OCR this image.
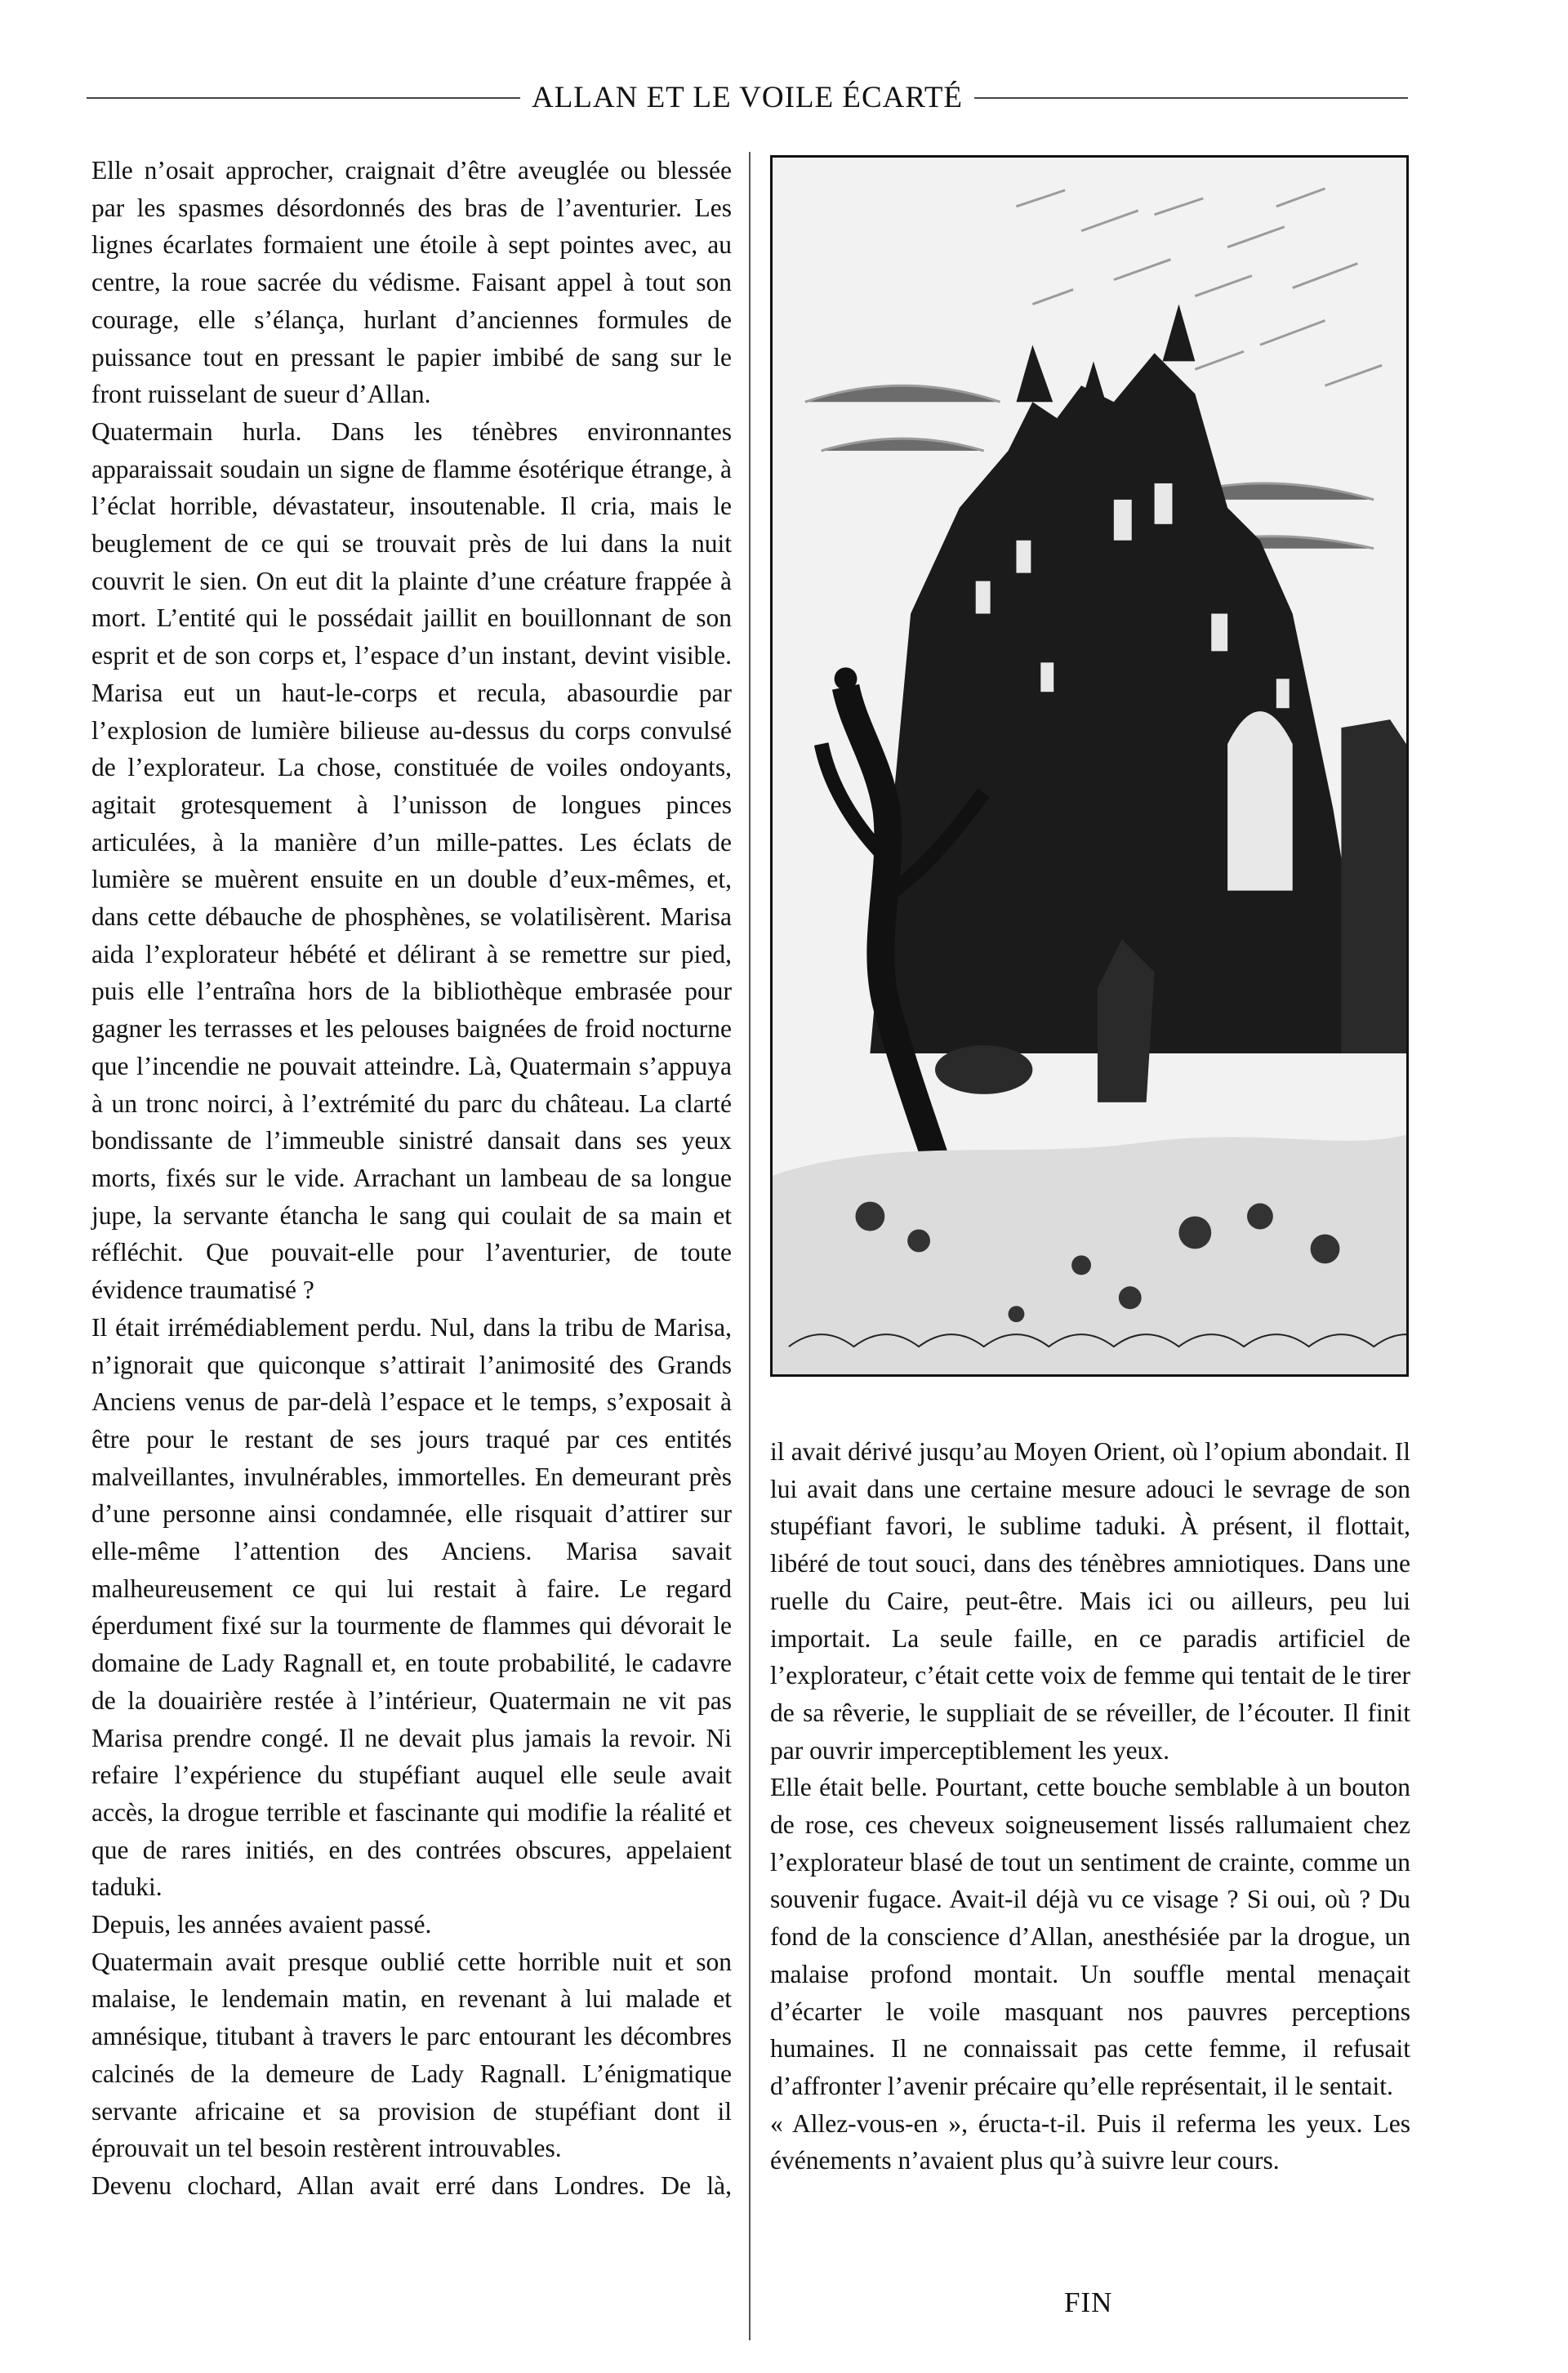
ALLAN ET LE VOILE ÉCARTÉ

Elle n’osait approcher, craignait d’être aveuglée ou blessée par les spasmes désordonnés des bras de l’aventurier. Les lignes écarlates formaient une étoile à sept pointes avec, au centre, la roue sacrée du védisme. Faisant appel à tout son courage, elle s’élança, hurlant d’anciennes formules de puissance tout en pressant le papier imbibé de sang sur le front ruisselant de sueur d’Allan.

Quatermain hurla. Dans les ténèbres environnantes apparaissait soudain un signe de flamme ésotérique étrange, à l’éclat horrible, dévastateur, insoutenable. Il cria, mais le beuglement de ce qui se trouvait près de lui dans la nuit couvrit le sien. On eut dit la plainte d’une créature frappée à mort. L’entité qui le possédait jaillit en bouillonnant de son esprit et de son corps et, l’espace d’un instant, devint visible. Marisa eut un haut-le-corps et recula, abasourdie par l’explosion de lumière bilieuse au-dessus du corps convulsé de l’explorateur. La chose, constituée de voiles ondoyants, agitait grotesquement à l’unisson de longues pinces articulées, à la manière d’un mille-pattes. Les éclats de lumière se muèrent ensuite en un double d’eux-mêmes, et, dans cette débauche de phosphènes, se volatilisèrent. Marisa aida l’explorateur hébété et délirant à se remettre sur pied, puis elle l’entraîna hors de la bibliothèque embrasée pour gagner les terrasses et les pelouses baignées de froid nocturne que l’incendie ne pouvait atteindre. Là, Quatermain s’appuya à un tronc noirci, à l’extrémité du parc du château. La clarté bondissante de l’immeuble sinistré dansait dans ses yeux morts, fixés sur le vide. Arrachant un lambeau de sa longue jupe, la servante étancha le sang qui coulait de sa main et réfléchit. Que pouvait-elle pour l’aventurier, de toute évidence traumatisé ?

Il était irrémédiablement perdu. Nul, dans la tribu de Marisa, n’ignorait que quiconque s’attirait l’animosité des Grands Anciens venus de par-delà l’espace et le temps, s’exposait à être pour le restant de ses jours traqué par ces entités malveillantes, invulnérables, immortelles. En demeurant près d’une personne ainsi condamnée, elle risquait d’attirer sur elle-même l’attention des Anciens. Marisa savait malheureusement ce qui lui restait à faire. Le regard éperdument fixé sur la tourmente de flammes qui dévorait le domaine de Lady Ragnall et, en toute probabilité, le cadavre de la douairière restée à l’intérieur, Quatermain ne vit pas Marisa prendre congé. Il ne devait plus jamais la revoir. Ni refaire l’expérience du stupéfiant auquel elle seule avait accès, la drogue terrible et fascinante qui modifie la réalité et que de rares initiés, en des contrées obscures, appelaient taduki.

Depuis, les années avaient passé.

Quatermain avait presque oublié cette horrible nuit et son malaise, le lendemain matin, en revenant à lui malade et amnésique, titubant à travers le parc entourant les décombres calcinés de la demeure de Lady Ragnall. L’énigmatique servante africaine et sa provision de stupéfiant dont il éprouvait un tel besoin restèrent introuvables.

Devenu clochard, Allan avait erré dans Londres. De là,

il avait dérivé jusqu’au Moyen Orient, où l’opium abondait. Il lui avait dans une certaine mesure adouci le sevrage de son stupéfiant favori, le sublime taduki. À présent, il flottait, libéré de tout souci, dans des ténèbres amniotiques. Dans une ruelle du Caire, peut-être. Mais ici ou ailleurs, peu lui importait. La seule faille, en ce paradis artificiel de l’explorateur, c’était cette voix de femme qui tentait de le tirer de sa rêverie, le suppliait de se réveiller, de l’écouter. Il finit par ouvrir imperceptiblement les yeux.

Elle était belle. Pourtant, cette bouche semblable à un bouton de rose, ces cheveux soigneusement lissés rallumaient chez l’explorateur blasé de tout un sentiment de crainte, comme un souvenir fugace. Avait-il déjà vu ce visage ? Si oui, où ? Du fond de la conscience d’Allan, anesthésiée par la drogue, un malaise profond montait. Un souffle mental menaçait d’écarter le voile masquant nos pauvres perceptions humaines. Il ne connaissait pas cette femme, il refusait d’affronter l’avenir précaire qu’elle représentait, il le sentait.

« Allez-vous-en », éructa-t-il. Puis il referma les yeux. Les événements n’avaient plus qu’à suivre leur cours.

FIN
